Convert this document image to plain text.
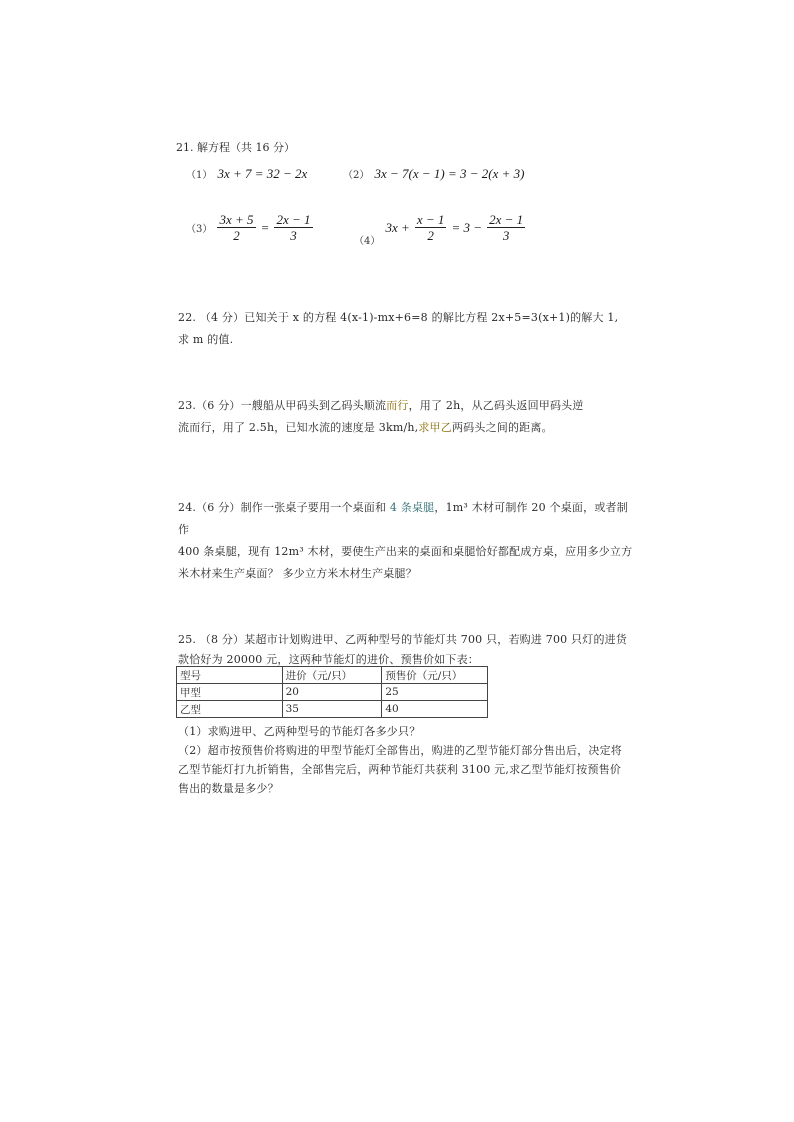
21. 解方程（共 16 分）
（1） 3x + 7 = 32 − 2x	（2） 3x − 7(x − 1) = 3 − 2(x + 3)
$(3) \frac{3x + 5}{2} = \frac{2x - 1}{3}$	$_{(4)}$ $3x + \frac{x - 1}{2} = 3 - \frac{2x - 1}{3}$
22. （4 分）已知关于 x 的方程 4(x-1)-mx+6=8 的解比方程 2x+5=3(x+1)的解大 1,
求 m 的值.
23.（6 分）一艘船从甲码头到乙码头顺流而行，用了 2h，从乙码头返回甲码头逆
流而行，用了 2.5h，已知水流的速度是 3km/h,求甲乙两码头之间的距离。
24.（6 分）制作一张桌子要用一个桌面和 4 条桌腿，1m³ 木材可制作 20 个桌面，或者制作
400 条桌腿，现有 12m³ 木材，要使生产出来的桌面和桌腿恰好都配成方桌，应用多少立方
米木材来生产桌面？ 多少立方米木材生产桌腿？
25. （8 分）某超市计划购进甲、乙两种型号的节能灯共 700 只，若购进 700 只灯的进货
款恰好为 20000 元，这两种节能灯的进价、预售价如下表：
型号	进价（元/只）	预售价（元/只）
甲型	20	25
乙型	35	40
（1）求购进甲、乙两种型号的节能灯各多少只？
（2）超市按预售价将购进的甲型节能灯全部售出，购进的乙型节能灯部分售出后，决定将
乙型节能灯打九折销售，全部售完后，两种节能灯共获利 3100 元,求乙型节能灯按预售价
售出的数量是多少？
